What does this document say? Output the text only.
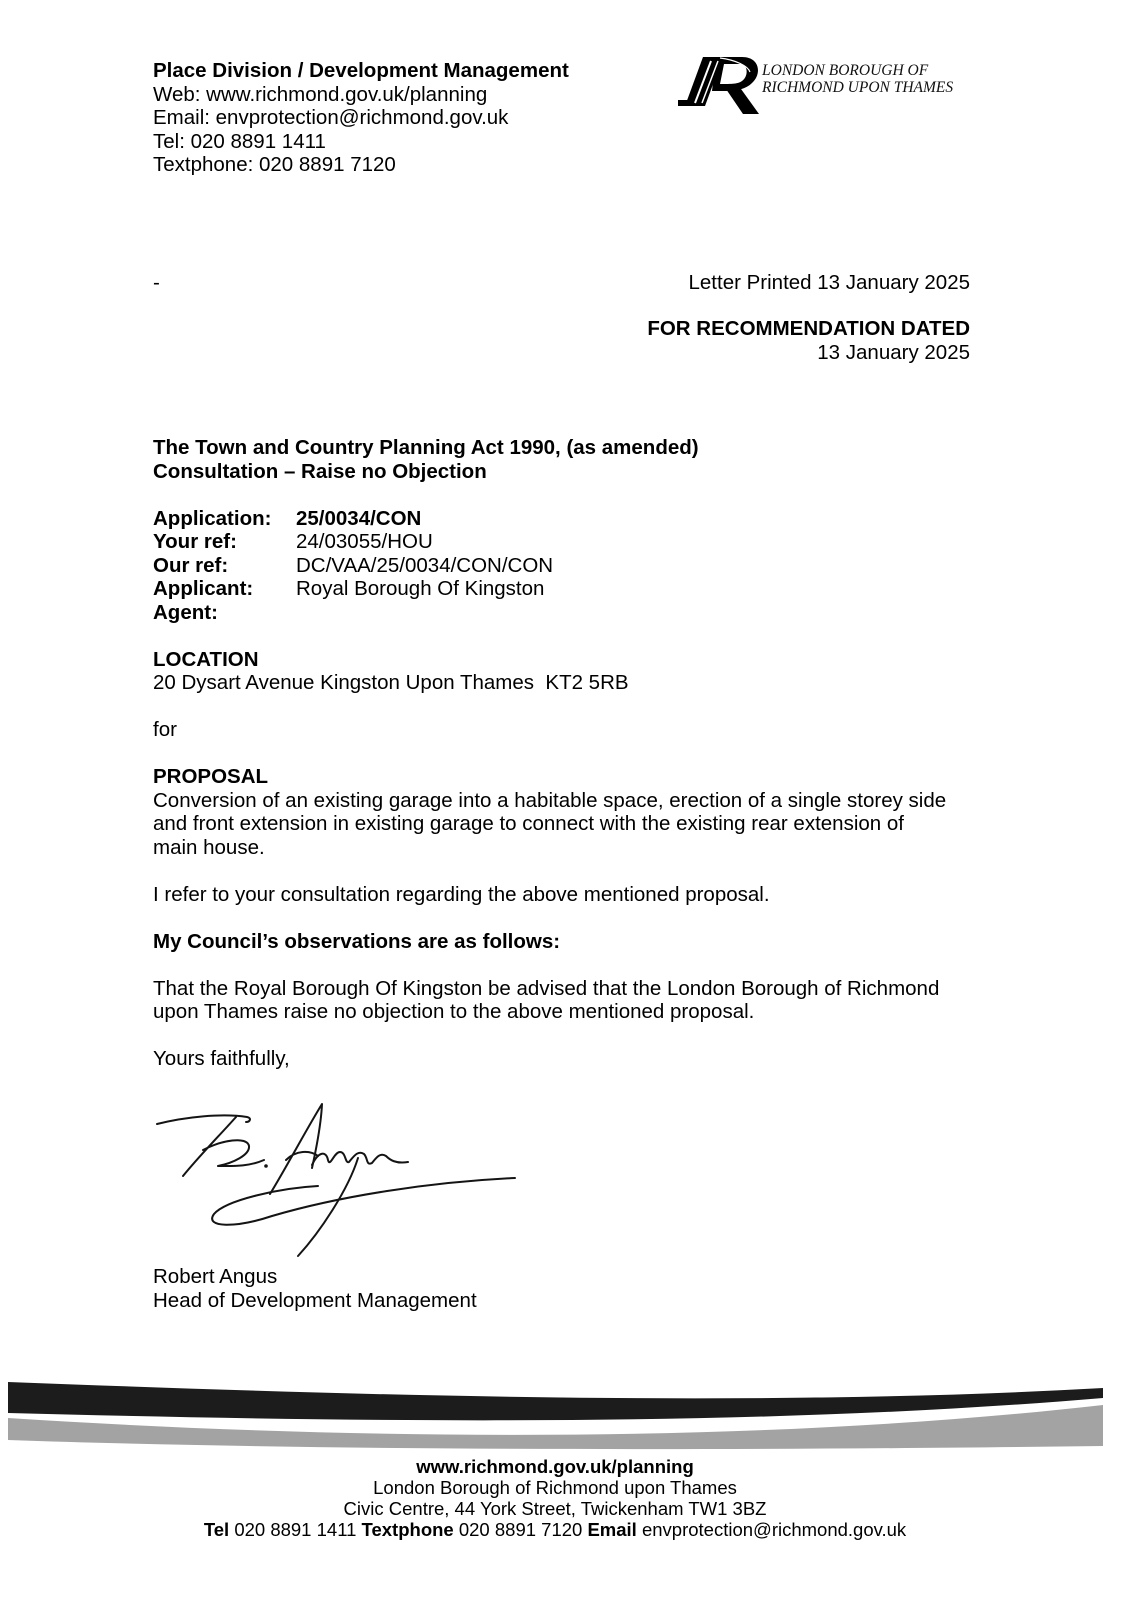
Place Division / Development Management
Web: www.richmond.gov.uk/planning
Email: envprotection@richmond.gov.uk
Tel: 020 8891 1411
Textphone: 020 8891 7120
LONDON BOROUGH OF
RICHMOND UPON THAMES
-	Letter Printed 13 January 2025
FOR RECOMMENDATION DATED
13 January 2025
The Town and Country Planning Act 1990, (as amended)
Consultation – Raise no Objection
Application:	25/0034/CON
Your ref:	24/03055/HOU
Our ref:	DC/VAA/25/0034/CON/CON
Applicant:	Royal Borough Of Kingston
Agent:
LOCATION
20 Dysart Avenue Kingston Upon Thames  KT2 5RB
for
PROPOSAL
Conversion of an existing garage into a habitable space, erection of a single storey side
and front extension in existing garage to connect with the existing rear extension of
main house.
I refer to your consultation regarding the above mentioned proposal.
My Council’s observations are as follows:
That the Royal Borough Of Kingston be advised that the London Borough of Richmond
upon Thames raise no objection to the above mentioned proposal.
Yours faithfully,
Robert Angus
Head of Development Management
www.richmond.gov.uk/planning
London Borough of Richmond upon Thames
Civic Centre, 44 York Street, Twickenham TW1 3BZ
Tel 020 8891 1411 Textphone 020 8891 7120 Email envprotection@richmond.gov.uk
